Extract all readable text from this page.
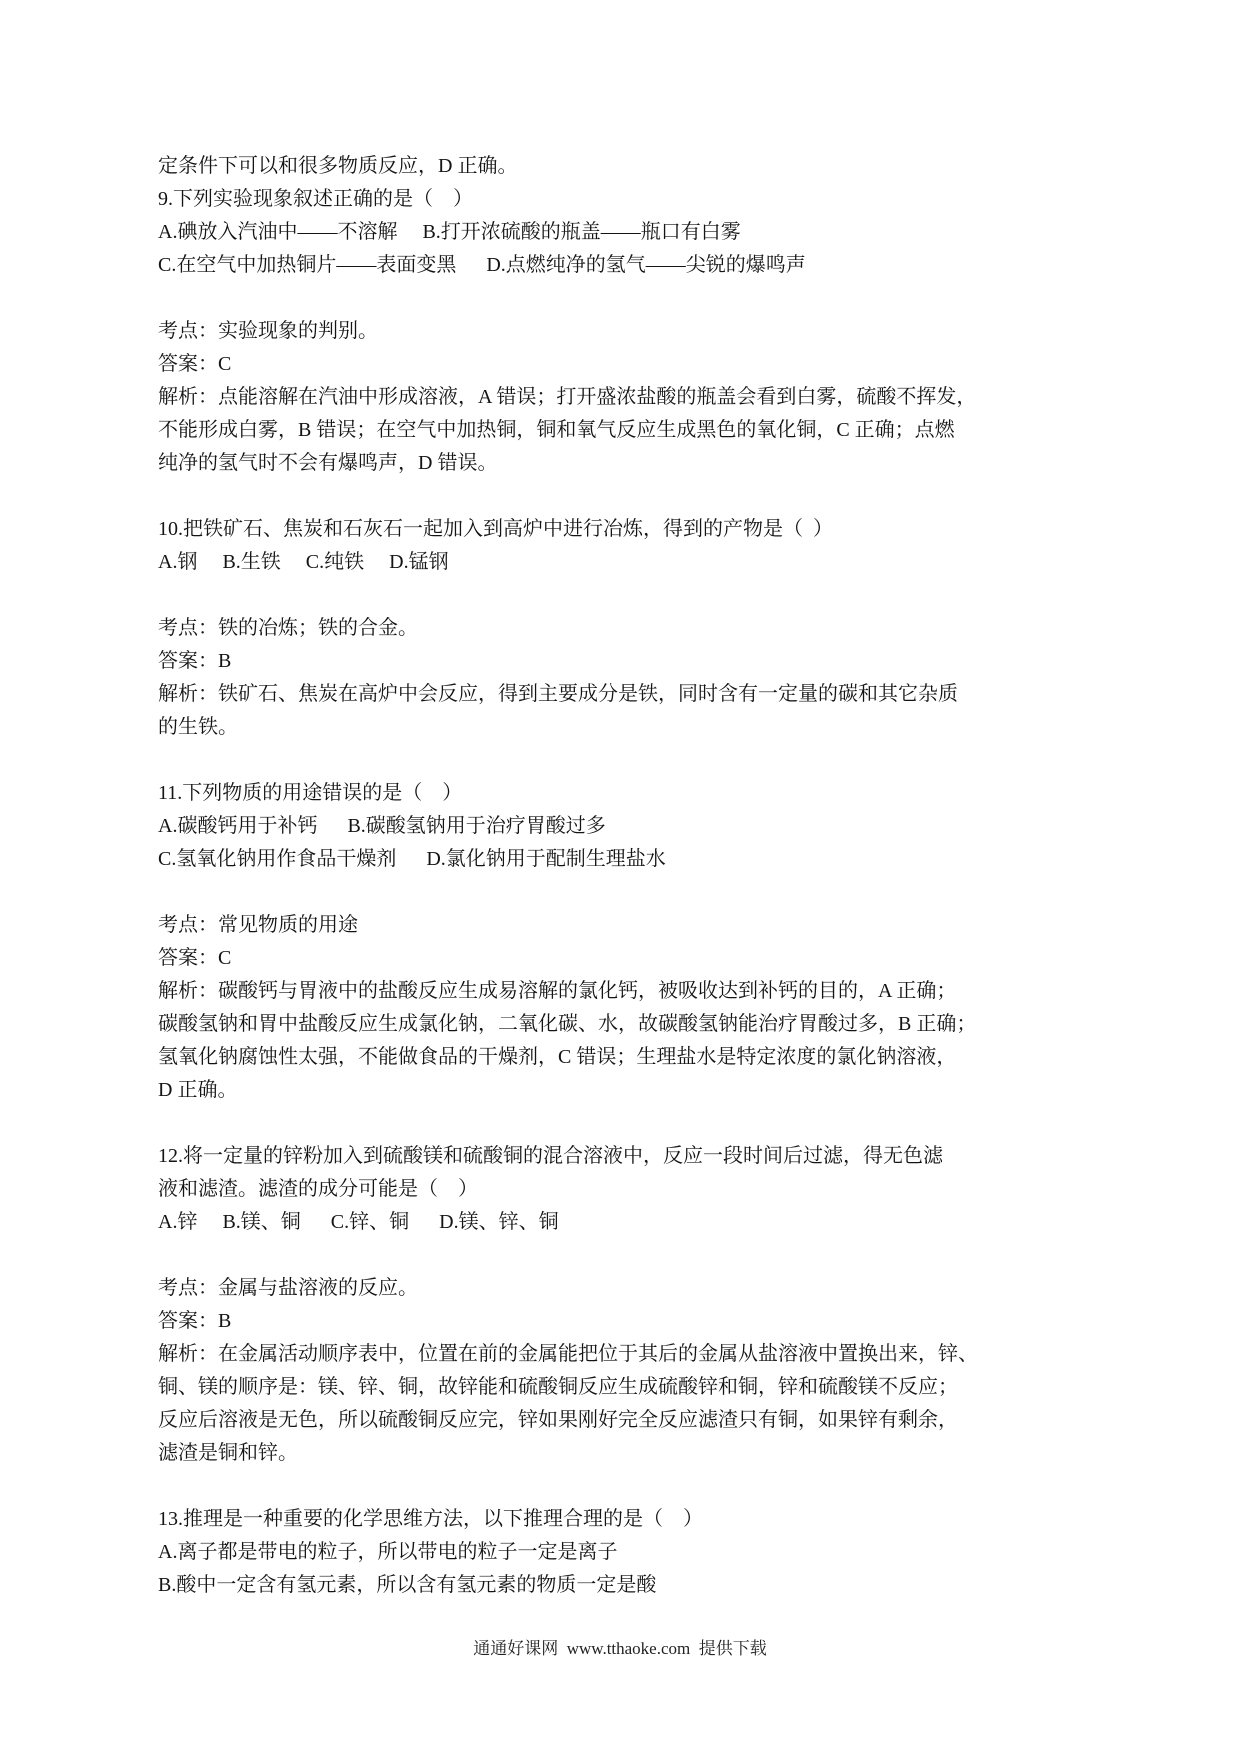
定条件下可以和很多物质反应，D 正确。
9.下列实验现象叙述正确的是（    ）
A.碘放入汽油中——不溶解     B.打开浓硫酸的瓶盖——瓶口有白雾
C.在空气中加热铜片——表面变黑      D.点燃纯净的氢气——尖锐的爆鸣声

考点：实验现象的判别。
答案：C
解析：点能溶解在汽油中形成溶液，A 错误；打开盛浓盐酸的瓶盖会看到白雾，硫酸不挥发，
不能形成白雾，B 错误；在空气中加热铜，铜和氧气反应生成黑色的氧化铜，C 正确；点燃
纯净的氢气时不会有爆鸣声，D 错误。

10.把铁矿石、焦炭和石灰石一起加入到高炉中进行冶炼，得到的产物是（  ）
A.钢     B.生铁     C.纯铁     D.锰钢

考点：铁的冶炼；铁的合金。
答案：B
解析：铁矿石、焦炭在高炉中会反应，得到主要成分是铁，同时含有一定量的碳和其它杂质
的生铁。

11.下列物质的用途错误的是（    ）
A.碳酸钙用于补钙      B.碳酸氢钠用于治疗胃酸过多
C.氢氧化钠用作食品干燥剂      D.氯化钠用于配制生理盐水

考点：常见物质的用途
答案：C
解析：碳酸钙与胃液中的盐酸反应生成易溶解的氯化钙，被吸收达到补钙的目的，A 正确；
碳酸氢钠和胃中盐酸反应生成氯化钠，二氧化碳、水，故碳酸氢钠能治疗胃酸过多，B 正确；
氢氧化钠腐蚀性太强，不能做食品的干燥剂，C 错误；生理盐水是特定浓度的氯化钠溶液，
D 正确。

12.将一定量的锌粉加入到硫酸镁和硫酸铜的混合溶液中，反应一段时间后过滤，得无色滤
液和滤渣。滤渣的成分可能是（    ）
A.锌     B.镁、铜      C.锌、铜      D.镁、锌、铜

考点：金属与盐溶液的反应。
答案：B
解析：在金属活动顺序表中，位置在前的金属能把位于其后的金属从盐溶液中置换出来，锌、
铜、镁的顺序是：镁、锌、铜，故锌能和硫酸铜反应生成硫酸锌和铜，锌和硫酸镁不反应；
反应后溶液是无色，所以硫酸铜反应完，锌如果刚好完全反应滤渣只有铜，如果锌有剩余，
滤渣是铜和锌。

13.推理是一种重要的化学思维方法，以下推理合理的是（    ）
A.离子都是带电的粒子，所以带电的粒子一定是离子
B.酸中一定含有氢元素，所以含有氢元素的物质一定是酸
通通好课网 www.tthaoke.com 提供下载
